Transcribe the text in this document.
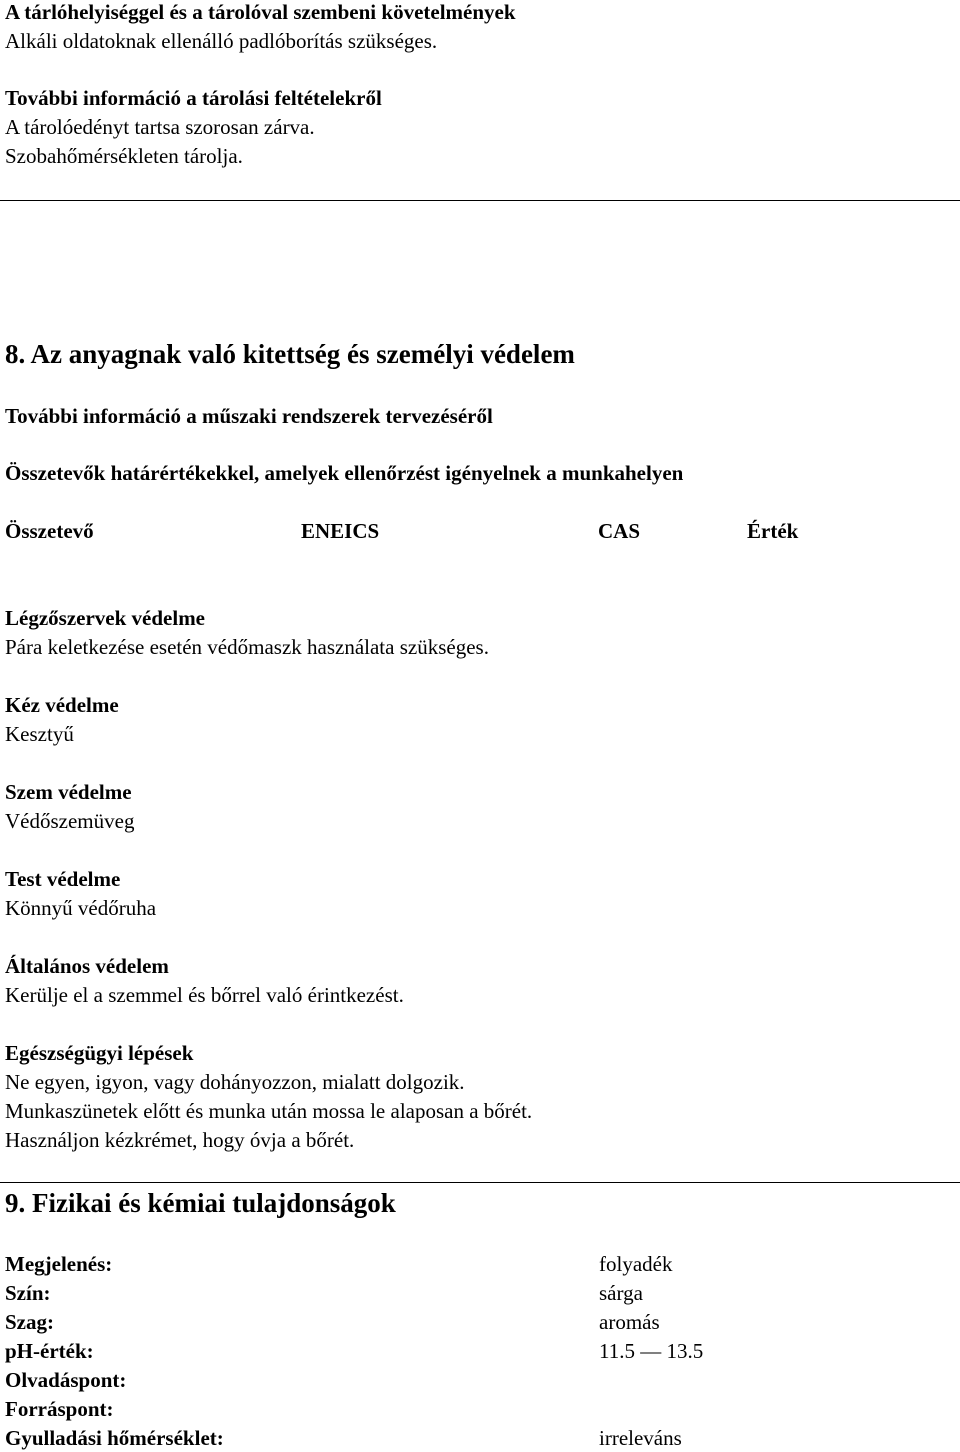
A tárlóhelyiséggel és a tárolóval szembeni követelmények
Alkáli oldatoknak ellenálló padlóborítás szükséges.
További információ a tárolási feltételekről
A tárolóedényt tartsa szorosan zárva.
Szobahőmérsékleten tárolja.
8. Az anyagnak való kitettség és személyi védelem
További információ a műszaki rendszerek tervezéséről
Összetevők határértékekkel, amelyek ellenőrzést igényelnek a munkahelyen
Összetevő	ENEICS	CAS	Érték
Légzőszervek védelme
Pára keletkezése esetén védőmaszk használata szükséges.
Kéz védelme
Kesztyű
Szem védelme
Védőszemüveg
Test védelme
Könnyű védőruha
Általános védelem
Kerülje el a szemmel és bőrrel való érintkezést.
Egészségügyi lépések
Ne egyen, igyon, vagy dohányozzon, mialatt dolgozik.
Munkaszünetek előtt és munka után mossa le alaposan a bőrét.
Használjon kézkrémet, hogy óvja a bőrét.
9. Fizikai és kémiai tulajdonságok
Megjelenés:	folyadék
Szín:	sárga
Szag:	aromás
pH-érték:	11.5 — 13.5
Olvadáspont:
Forráspont:
Gyulladási hőmérséklet:	irreleváns
